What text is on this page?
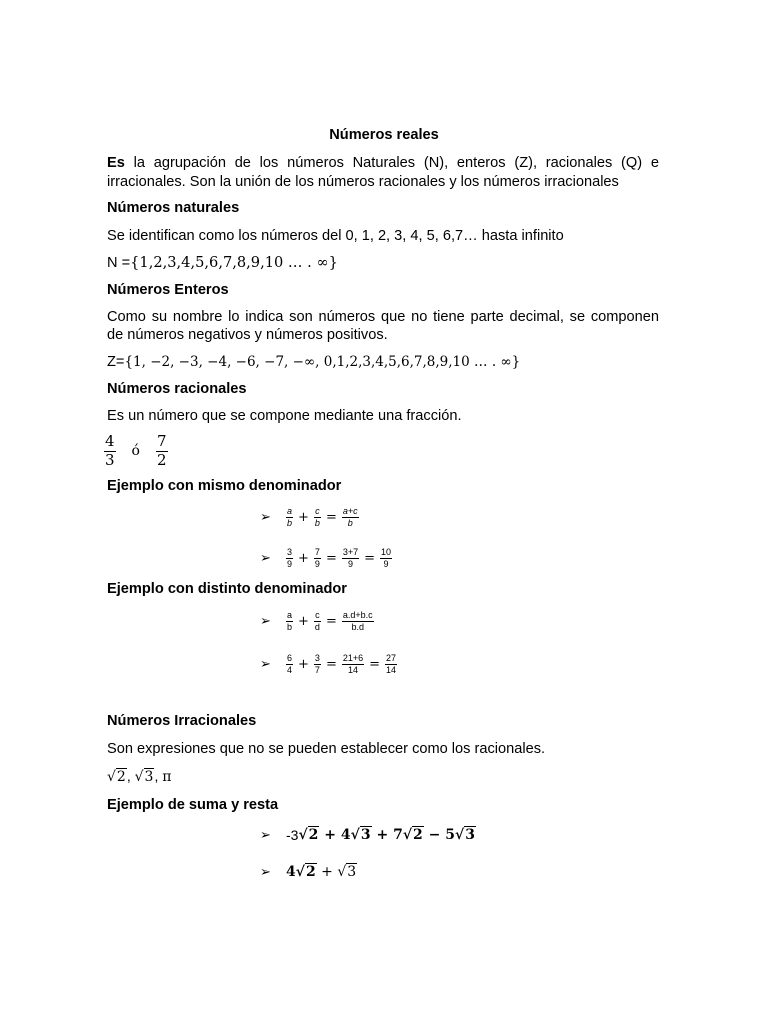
Números reales
Es la agrupación de los números Naturales (N), enteros (Z), racionales (Q) e
irracionales. Son la unión de los números racionales y los números irracionales
Números naturales
Se identifican como los números del 0, 1, 2, 3, 4, 5, 6,7… hasta infinito
N ={1,2,3,4,5,6,7,8,9,10 … . ∞}
Números Enteros
Como su nombre lo indica son números que no tiene parte decimal, se componen
de números negativos y números positivos.
Z={1, −2, −3, −4, −6, −7, −∞, 0,1,2,3,4,5,6,7,8,9,10 … . ∞}
Números racionales
Es un número que se compone mediante una fracción.
$\frac{4}{3}$ ó $\frac{7}{2}$
Ejemplo con mismo denominador
➢	$\frac{a}{b} + \frac{c}{b} = \frac{a+c}{b}$
➢	$\frac{3}{9} + \frac{7}{9} = \frac{3+7}{9} = \frac{10}{9}$
Ejemplo con distinto denominador
➢	$\frac{a}{b} + \frac{c}{d} = \frac{a.d+b.c}{b.d}$
➢	$\frac{6}{4} + \frac{3}{7} = \frac{21+6}{14} = \frac{27}{14}$
Números Irracionales
Son expresiones que no se pueden establecer como los racionales.
√2, √3, π
Ejemplo de suma y resta
➢	-3 √2 + 4 √3 + 7 √2 − 5 √3
➢	4 √2 + √3
